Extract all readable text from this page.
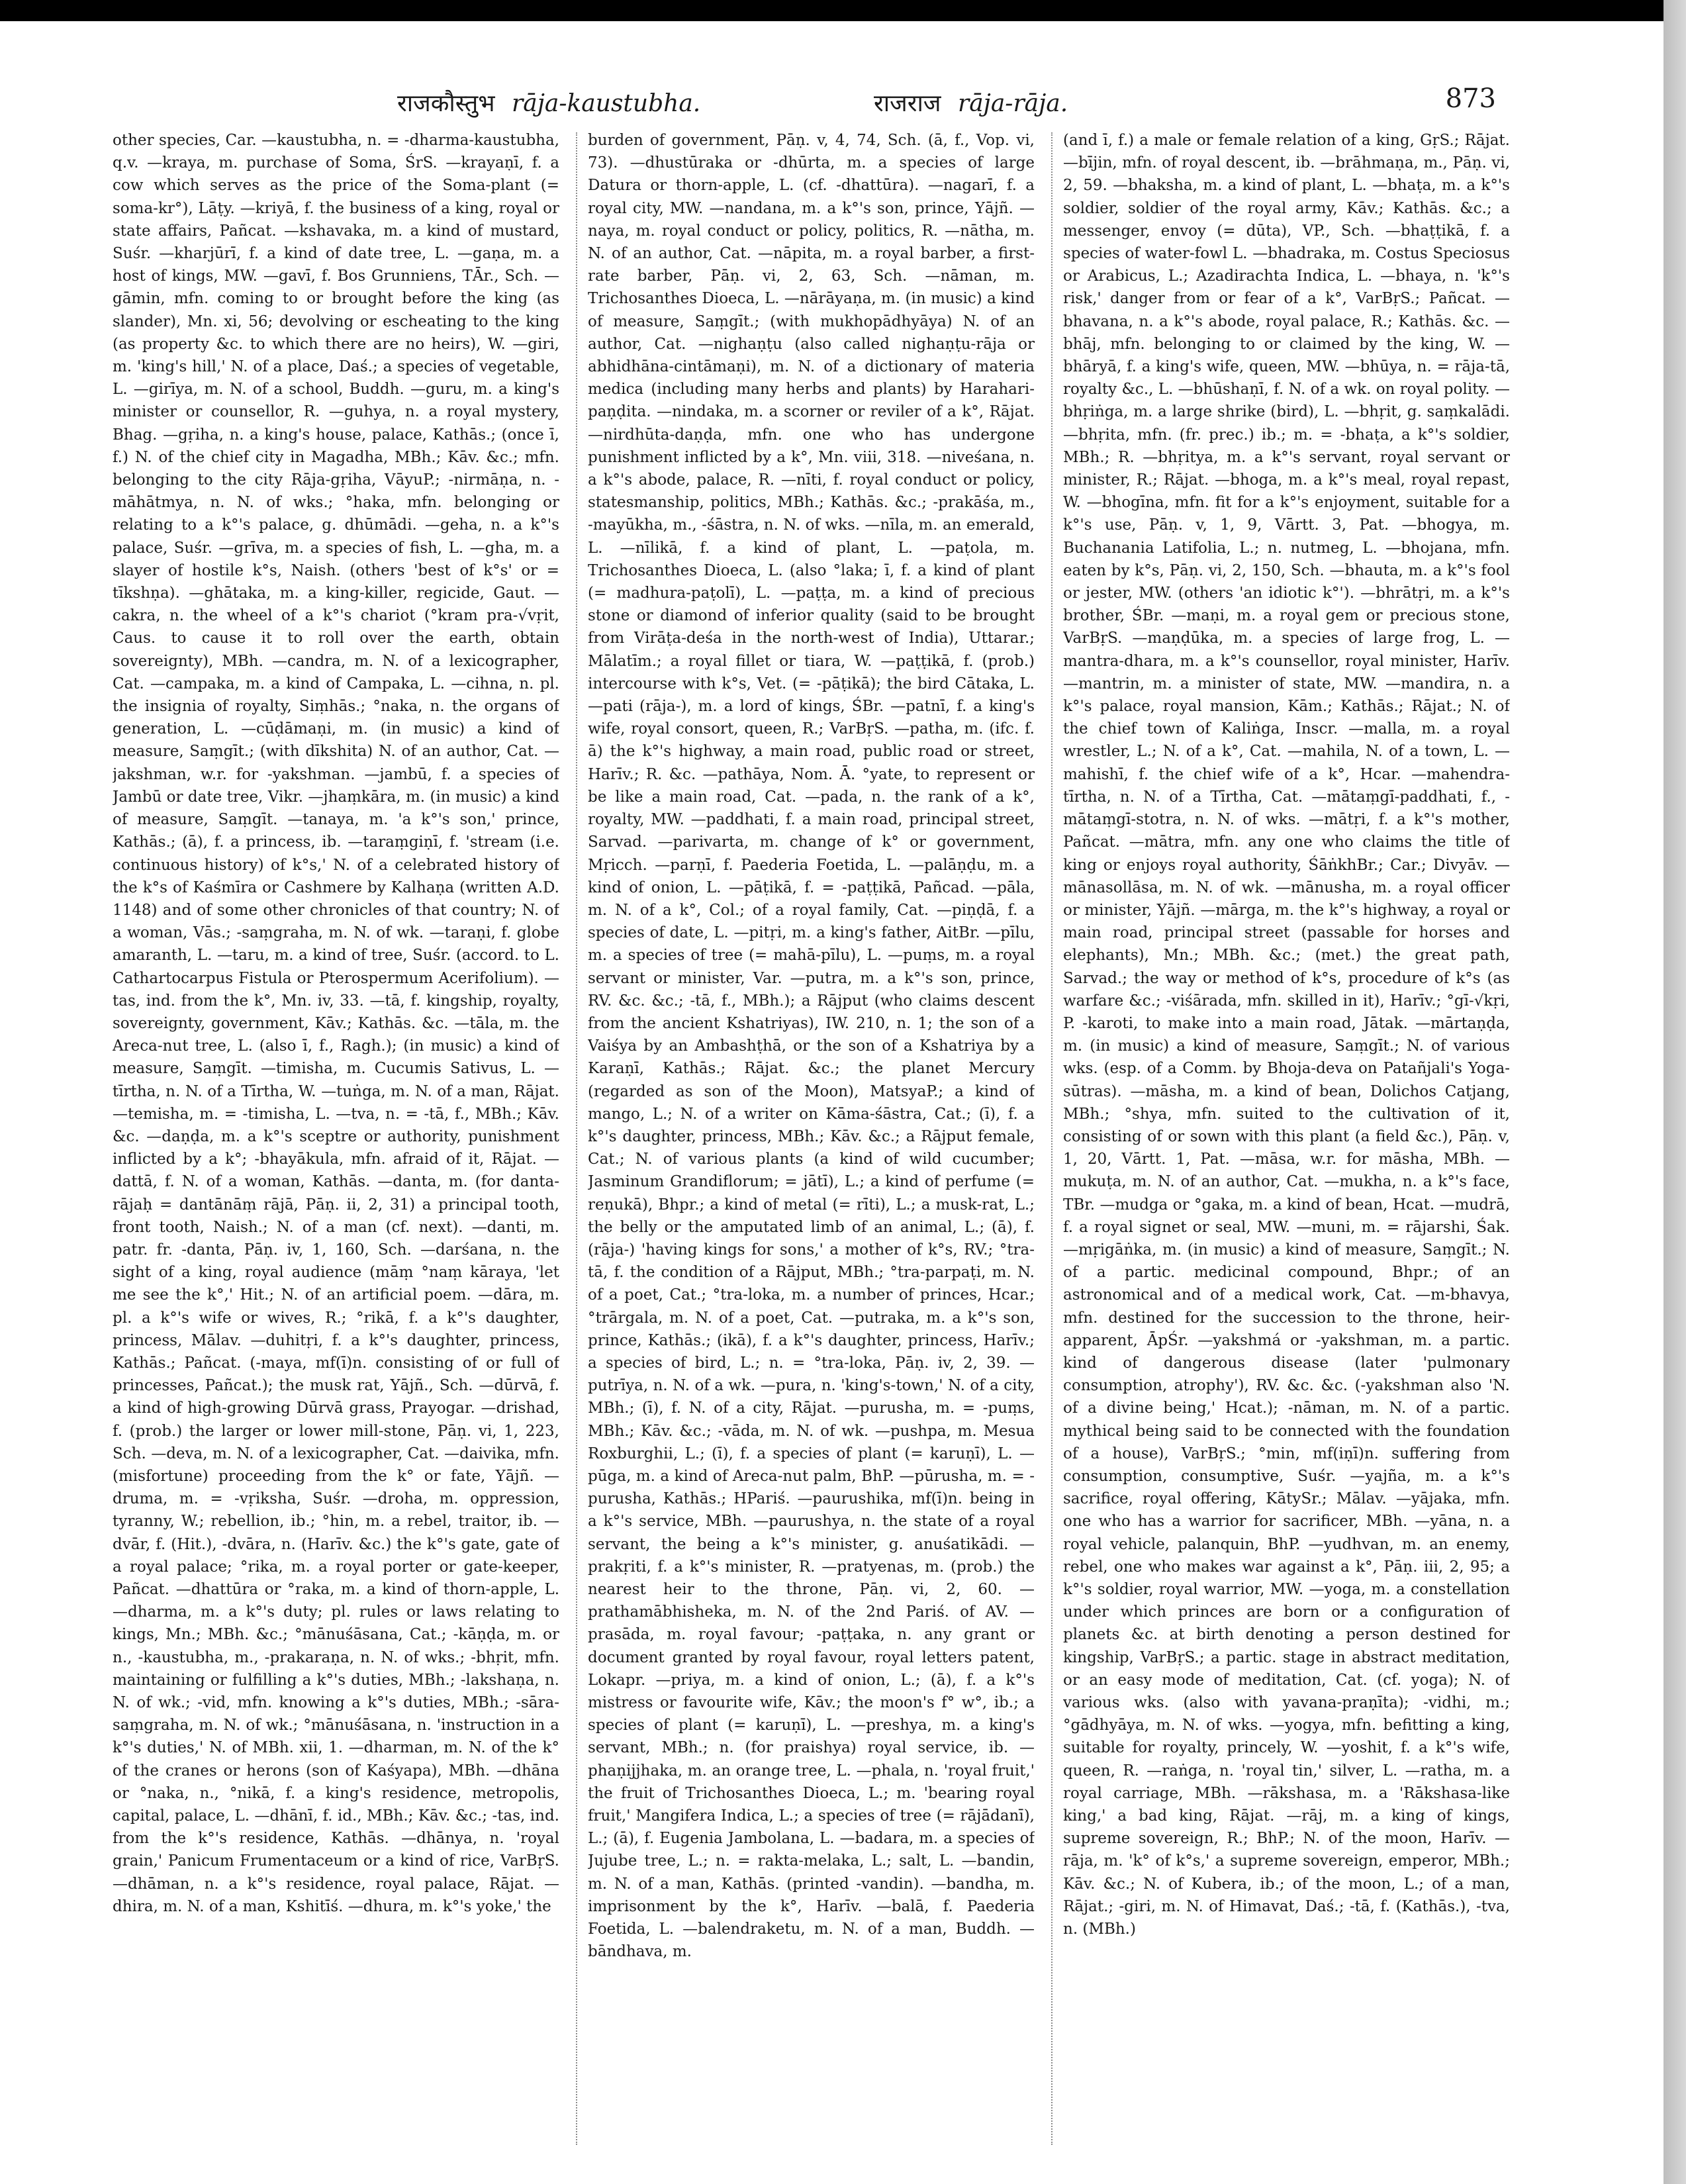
राजकौस्तुभ rāja-kaustubha.	राजराज rāja-rāja.	873

other species, Car. —kaustubha, n. = -dharma-kaustubha, q.v. —kraya, m. purchase of Soma, ŚrS. —krayaṇī, f. a cow which serves as the price of the Soma-plant (= soma-kr°), Lāṭy. —kriyā, f. the business of a king, royal or state affairs, Pañcat. —kshavaka, m. a kind of mustard, Suśr. —kharjūrī, f. a kind of date tree, L. —gaṇa, m. a host of kings, MW. —gavī, f. Bos Grunniens, TĀr., Sch. —gāmin, mfn. coming to or brought before the king (as slander), Mn. xi, 56; devolving or escheating to the king (as property &c. to which there are no heirs), W. —giri, m. 'king's hill,' N. of a place, Daś.; a species of vegetable, L. —girīya, m. N. of a school, Buddh. —guru, m. a king's minister or counsellor, R. —guhya, n. a royal mystery, Bhag. —gṛiha, n. a king's house, palace, Kathās.; (once ī, f.) N. of the chief city in Magadha, MBh.; Kāv. &c.; mfn. belonging to the city Rāja-gṛiha, VāyuP.; -nirmāṇa, n. -māhātmya, n. N. of wks.; °haka, mfn. belonging or relating to a k°'s palace, g. dhūmādi. —geha, n. a k°'s palace, Suśr. —grīva, m. a species of fish, L. —gha, m. a slayer of hostile k°s, Naish. (others 'best of k°s' or = tīkshṇa). —ghātaka, m. a king-killer, regicide, Gaut. —cakra, n. the wheel of a k°'s chariot (°kram pra-√vṛit, Caus. to cause it to roll over the earth, obtain sovereignty), MBh. —candra, m. N. of a lexicographer, Cat. —campaka, m. a kind of Campaka, L. —cihna, n. pl. the insignia of royalty, Siṃhās.; °naka, n. the organs of generation, L. —cūḍāmaṇi, m. (in music) a kind of measure, Saṃgīt.; (with dīkshita) N. of an author, Cat. —jakshman, w.r. for -yakshman. —jambū, f. a species of Jambū or date tree, Vikr. —jhaṃkāra, m. (in music) a kind of measure, Saṃgīt. —tanaya, m. 'a k°'s son,' prince, Kathās.; (ā), f. a princess, ib. —taraṃgiṇī, f. 'stream (i.e. continuous history) of k°s,' N. of a celebrated history of the k°s of Kaśmīra or Cashmere by Kalhaṇa (written A.D. 1148) and of some other chronicles of that country; N. of a woman, Vās.; -saṃgraha, m. N. of wk. —taraṇi, f. globe amaranth, L. —taru, m. a kind of tree, Suśr. (accord. to L. Cathartocarpus Fistula or Pterospermum Acerifolium). —tas, ind. from the k°, Mn. iv, 33. —tā, f. kingship, royalty, sovereignty, government, Kāv.; Kathās. &c. —tāla, m. the Areca-nut tree, L. (also ī, f., Ragh.); (in music) a kind of measure, Saṃgīt. —timisha, m. Cucumis Sativus, L. —tīrtha, n. N. of a Tīrtha, W. —tuṅga, m. N. of a man, Rājat. —temisha, m. = -timisha, L. —tva, n. = -tā, f., MBh.; Kāv. &c. —daṇḍa, m. a k°'s sceptre or authority, punishment inflicted by a k°; -bhayākula, mfn. afraid of it, Rājat. —dattā, f. N. of a woman, Kathās. —danta, m. (for danta-rājaḥ = dantānāṃ rājā, Pāṇ. ii, 2, 31) a principal tooth, front tooth, Naish.; N. of a man (cf. next). —danti, m. patr. fr. -danta, Pāṇ. iv, 1, 160, Sch. —darśana, n. the sight of a king, royal audience (māṃ °naṃ kāraya, 'let me see the k°,' Hit.; N. of an artificial poem. —dāra, m. pl. a k°'s wife or wives, R.; °rikā, f. a k°'s daughter, princess, Mālav. —duhitṛi, f. a k°'s daughter, princess, Kathās.; Pañcat. (-maya, mf(ī)n. consisting of or full of princesses, Pañcat.); the musk rat, Yājñ., Sch. —dūrvā, f. a kind of high-growing Dūrvā grass, Prayogar. —drishad, f. (prob.) the larger or lower mill-stone, Pāṇ. vi, 1, 223, Sch. —deva, m. N. of a lexicographer, Cat. —daivika, mfn. (misfortune) proceeding from the k° or fate, Yājñ. —druma, m. = -vṛiksha, Suśr. —droha, m. oppression, tyranny, W.; rebellion, ib.; °hin, m. a rebel, traitor, ib. —dvār, f. (Hit.), -dvāra, n. (Harīv. &c.) the k°'s gate, gate of a royal palace; °rika, m. a royal porter or gate-keeper, Pañcat. —dhattūra or °raka, m. a kind of thorn-apple, L. —dharma, m. a k°'s duty; pl. rules or laws relating to kings, Mn.; MBh. &c.; °mānuśāsana, Cat.; -kāṇḍa, m. or n., -kaustubha, m., -prakaraṇa, n. N. of wks.; -bhṛit, mfn. maintaining or fulfilling a k°'s duties, MBh.; -lakshaṇa, n. N. of wk.; -vid, mfn. knowing a k°'s duties, MBh.; -sāra-saṃgraha, m. N. of wk.; °mānuśāsana, n. 'instruction in a k°'s duties,' N. of MBh. xii, 1. —dharman, m. N. of the k° of the cranes or herons (son of Kaśyapa), MBh. —dhāna or °naka, n., °nikā, f. a king's residence, metropolis, capital, palace, L. —dhānī, f. id., MBh.; Kāv. &c.; -tas, ind. from the k°'s residence, Kathās. —dhānya, n. 'royal grain,' Panicum Frumentaceum or a kind of rice, VarBṛS. —dhāman, n. a k°'s residence, royal palace, Rājat. —dhira, m. N. of a man, Kshitīś. —dhura, m. k°'s yoke,' the

burden of government, Pāṇ. v, 4, 74, Sch. (ā, f., Vop. vi, 73). —dhustūraka or -dhūrta, m. a species of large Datura or thorn-apple, L. (cf. -dhattūra). —nagarī, f. a royal city, MW. —nandana, m. a k°'s son, prince, Yājñ. —naya, m. royal conduct or policy, politics, R. —nātha, m. N. of an author, Cat. —nāpita, m. a royal barber, a first-rate barber, Pāṇ. vi, 2, 63, Sch. —nāman, m. Trichosanthes Dioeca, L. —nārāyaṇa, m. (in music) a kind of measure, Saṃgīt.; (with mukhopādhyāya) N. of an author, Cat. —nighaṇṭu (also called nighaṇṭu-rāja or abhidhāna-cintāmaṇi), m. N. of a dictionary of materia medica (including many herbs and plants) by Harahari-paṇḍita. —nindaka, m. a scorner or reviler of a k°, Rājat. —nirdhūta-daṇḍa, mfn. one who has undergone punishment inflicted by a k°, Mn. viii, 318. —niveśana, n. a k°'s abode, palace, R. —nīti, f. royal conduct or policy, statesmanship, politics, MBh.; Kathās. &c.; -prakāśa, m., -mayūkha, m., -śāstra, n. N. of wks. —nīla, m. an emerald, L. —nīlikā, f. a kind of plant, L. —paṭola, m. Trichosanthes Dioeca, L. (also °laka; ī, f. a kind of plant (= madhura-paṭolī), L. —paṭṭa, m. a kind of precious stone or diamond of inferior quality (said to be brought from Virāṭa-deśa in the north-west of India), Uttarar.; Mālatīm.; a royal fillet or tiara, W. —paṭṭikā, f. (prob.) intercourse with k°s, Vet. (= -pāṭikā); the bird Cātaka, L. —pati (rāja-), m. a lord of kings, ŚBr. —patnī, f. a king's wife, royal consort, queen, R.; VarBṛS. —patha, m. (ifc. f. ā) the k°'s highway, a main road, public road or street, Harīv.; R. &c. —pathāya, Nom. Ā. °yate, to represent or be like a main road, Cat. —pada, n. the rank of a k°, royalty, MW. —paddhati, f. a main road, principal street, Sarvad. —parivarta, m. change of k° or government, Mṛicch. —parṇī, f. Paederia Foetida, L. —palāṇḍu, m. a kind of onion, L. —pāṭikā, f. = -paṭṭikā, Pañcad. —pāla, m. N. of a k°, Col.; of a royal family, Cat. —piṇḍā, f. a species of date, L. —pitṛi, m. a king's father, AitBr. —pīlu, m. a species of tree (= mahā-pīlu), L. —puṃs, m. a royal servant or minister, Var. —putra, m. a k°'s son, prince, RV. &c. &c.; -tā, f., MBh.); a Rājput (who claims descent from the ancient Kshatriyas), IW. 210, n. 1; the son of a Vaiśya by an Ambashṭhā, or the son of a Kshatriya by a Karaṇī, Kathās.; Rājat. &c.; the planet Mercury (regarded as son of the Moon), MatsyaP.; a kind of mango, L.; N. of a writer on Kāma-śāstra, Cat.; (ī), f. a k°'s daughter, princess, MBh.; Kāv. &c.; a Rājput female, Cat.; N. of various plants (a kind of wild cucumber; Jasminum Grandiflorum; = jātī), L.; a kind of perfume (= reṇukā), Bhpr.; a kind of metal (= rīti), L.; a musk-rat, L.; the belly or the amputated limb of an animal, L.; (ā), f. (rāja-) 'having kings for sons,' a mother of k°s, RV.; °tra-tā, f. the condition of a Rājput, MBh.; °tra-parpaṭi, m. N. of a poet, Cat.; °tra-loka, m. a number of princes, Hcar.; °trārgala, m. N. of a poet, Cat. —putraka, m. a k°'s son, prince, Kathās.; (ikā), f. a k°'s daughter, princess, Harīv.; a species of bird, L.; n. = °tra-loka, Pāṇ. iv, 2, 39. —putrīya, n. N. of a wk. —pura, n. 'king's-town,' N. of a city, MBh.; (ī), f. N. of a city, Rājat. —purusha, m. = -puṃs, MBh.; Kāv. &c.; -vāda, m. N. of wk. —pushpa, m. Mesua Roxburghii, L.; (ī), f. a species of plant (= karuṇī), L. —pūga, m. a kind of Areca-nut palm, BhP. —pūrusha, m. = -purusha, Kathās.; HPariś. —paurushika, mf(ī)n. being in a k°'s service, MBh. —paurushya, n. the state of a royal servant, the being a k°'s minister, g. anuśatikādi. —prakṛiti, f. a k°'s minister, R. —pratyenas, m. (prob.) the nearest heir to the throne, Pāṇ. vi, 2, 60. —prathamābhisheka, m. N. of the 2nd Pariś. of AV. —prasāda, m. royal favour; -paṭṭaka, n. any grant or document granted by royal favour, royal letters patent, Lokapr. —priya, m. a kind of onion, L.; (ā), f. a k°'s mistress or favourite wife, Kāv.; the moon's f° w°, ib.; a species of plant (= karuṇī), L. —preshya, m. a king's servant, MBh.; n. (for praishya) royal service, ib. —phaṇijjhaka, m. an orange tree, L. —phala, n. 'royal fruit,' the fruit of Trichosanthes Dioeca, L.; m. 'bearing royal fruit,' Mangifera Indica, L.; a species of tree (= rājādanī), L.; (ā), f. Eugenia Jambolana, L. —badara, m. a species of Jujube tree, L.; n. = rakta-melaka, L.; salt, L. —bandin, m. N. of a man, Kathās. (printed -vandin). —bandha, m. imprisonment by the k°, Harīv. —balā, f. Paederia Foetida, L. —balendraketu, m. N. of a man, Buddh. —bāndhava, m.

(and ī, f.) a male or female relation of a king, GṛS.; Rājat. —bījin, mfn. of royal descent, ib. —brāhmaṇa, m., Pāṇ. vi, 2, 59. —bhaksha, m. a kind of plant, L. —bhaṭa, m. a k°'s soldier, soldier of the royal army, Kāv.; Kathās. &c.; a messenger, envoy (= dūta), VP., Sch. —bhaṭṭikā, f. a species of water-fowl L. —bhadraka, m. Costus Speciosus or Arabicus, L.; Azadirachta Indica, L. —bhaya, n. 'k°'s risk,' danger from or fear of a k°, VarBṛS.; Pañcat. —bhavana, n. a k°'s abode, royal palace, R.; Kathās. &c. —bhāj, mfn. belonging to or claimed by the king, W. —bhāryā, f. a king's wife, queen, MW. —bhūya, n. = rāja-tā, royalty &c., L. —bhūshaṇī, f. N. of a wk. on royal polity. —bhṛiṅga, m. a large shrike (bird), L. —bhṛit, g. saṃkalādi. —bhṛita, mfn. (fr. prec.) ib.; m. = -bhaṭa, a k°'s soldier, MBh.; R. —bhṛitya, m. a k°'s servant, royal servant or minister, R.; Rājat. —bhoga, m. a k°'s meal, royal repast, W. —bhogīna, mfn. fit for a k°'s enjoyment, suitable for a k°'s use, Pāṇ. v, 1, 9, Vārtt. 3, Pat. —bhogya, m. Buchanania Latifolia, L.; n. nutmeg, L. —bhojana, mfn. eaten by k°s, Pāṇ. vi, 2, 150, Sch. —bhauta, m. a k°'s fool or jester, MW. (others 'an idiotic k°'). —bhrātṛi, m. a k°'s brother, ŚBr. —maṇi, m. a royal gem or precious stone, VarBṛS. —maṇḍūka, m. a species of large frog, L. —mantra-dhara, m. a k°'s counsellor, royal minister, Harīv. —mantrin, m. a minister of state, MW. —mandira, n. a k°'s palace, royal mansion, Kām.; Kathās.; Rājat.; N. of the chief town of Kaliṅga, Inscr. —malla, m. a royal wrestler, L.; N. of a k°, Cat. —mahila, N. of a town, L. —mahishī, f. the chief wife of a k°, Hcar. —mahendra-tīrtha, n. N. of a Tīrtha, Cat. —mātaṃgī-paddhati, f., -mātaṃgī-stotra, n. N. of wks. —mātṛi, f. a k°'s mother, Pañcat. —mātra, mfn. any one who claims the title of king or enjoys royal authority, ŚāṅkhBr.; Car.; Divyāv. —mānasollāsa, m. N. of wk. —mānusha, m. a royal officer or minister, Yājñ. —mārga, m. the k°'s highway, a royal or main road, principal street (passable for horses and elephants), Mn.; MBh. &c.; (met.) the great path, Sarvad.; the way or method of k°s, procedure of k°s (as warfare &c.; -viśārada, mfn. skilled in it), Harīv.; °gī-√kṛi, P. -karoti, to make into a main road, Jātak. —mārtaṇḍa, m. (in music) a kind of measure, Saṃgīt.; N. of various wks. (esp. of a Comm. by Bhoja-deva on Patañjali's Yoga-sūtras). —māsha, m. a kind of bean, Dolichos Catjang, MBh.; °shya, mfn. suited to the cultivation of it, consisting of or sown with this plant (a field &c.), Pāṇ. v, 1, 20, Vārtt. 1, Pat. —māsa, w.r. for māsha, MBh. —mukuṭa, m. N. of an author, Cat. —mukha, n. a k°'s face, TBr. —mudga or °gaka, m. a kind of bean, Hcat. —mudrā, f. a royal signet or seal, MW. —muni, m. = rājarshi, Śak. —mṛigāṅka, m. (in music) a kind of measure, Saṃgīt.; N. of a partic. medicinal compound, Bhpr.; of an astronomical and of a medical work, Cat. —m-bhavya, mfn. destined for the succession to the throne, heir-apparent, ĀpŚr. —yakshmá or -yakshman, m. a partic. kind of dangerous disease (later 'pulmonary consumption, atrophy'), RV. &c. &c. (-yakshman also 'N. of a divine being,' Hcat.); -nāman, m. N. of a partic. mythical being said to be connected with the foundation of a house), VarBṛS.; °min, mf(iṇī)n. suffering from consumption, consumptive, Suśr. —yajña, m. a k°'s sacrifice, royal offering, KātySr.; Mālav. —yājaka, mfn. one who has a warrior for sacrificer, MBh. —yāna, n. a royal vehicle, palanquin, BhP. —yudhvan, m. an enemy, rebel, one who makes war against a k°, Pāṇ. iii, 2, 95; a k°'s soldier, royal warrior, MW. —yoga, m. a constellation under which princes are born or a configuration of planets &c. at birth denoting a person destined for kingship, VarBṛS.; a partic. stage in abstract meditation, or an easy mode of meditation, Cat. (cf. yoga); N. of various wks. (also with yavana-praṇīta); -vidhi, m.; °gādhyāya, m. N. of wks. —yogya, mfn. befitting a king, suitable for royalty, princely, W. —yoshit, f. a k°'s wife, queen, R. —raṅga, n. 'royal tin,' silver, L. —ratha, m. a royal carriage, MBh. —rākshasa, m. a 'Rākshasa-like king,' a bad king, Rājat. —rāj, m. a king of kings, supreme sovereign, R.; BhP.; N. of the moon, Harīv. —rāja, m. 'k° of k°s,' a supreme sovereign, emperor, MBh.; Kāv. &c.; N. of Kubera, ib.; of the moon, L.; of a man, Rājat.; -giri, m. N. of Himavat, Daś.; -tā, f. (Kathās.), -tva, n. (MBh.)
